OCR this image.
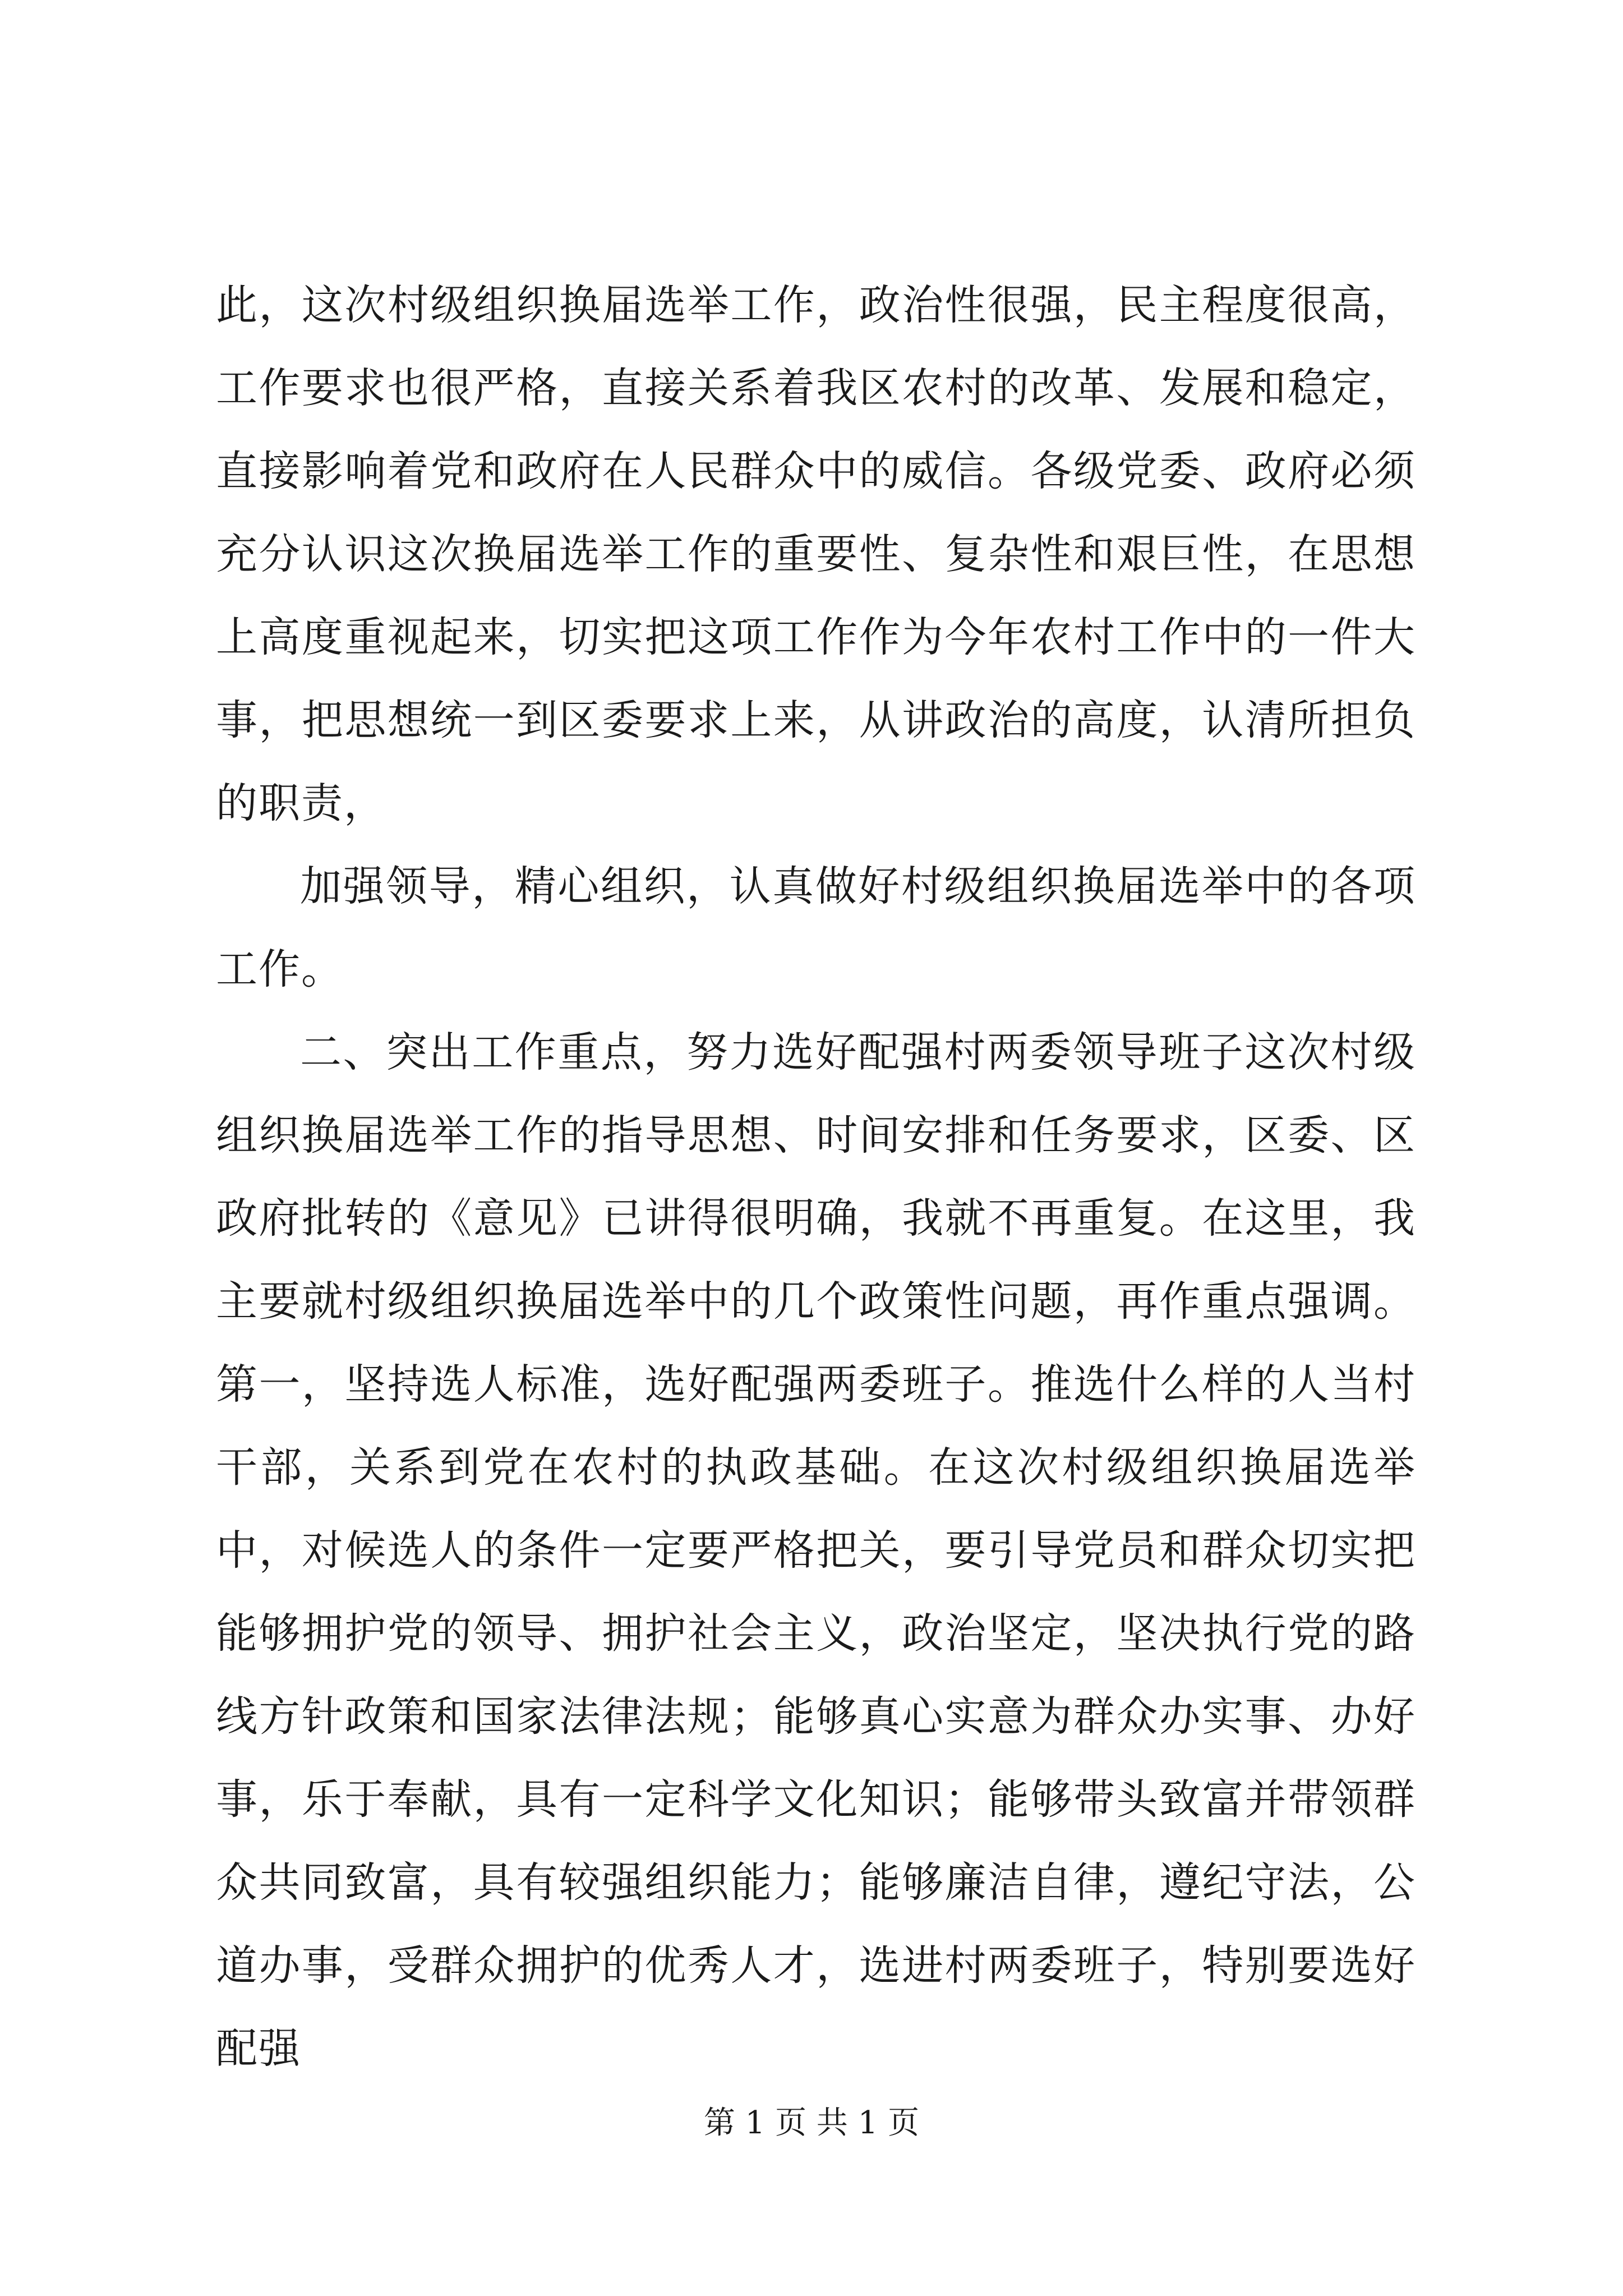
此，这次村级组织换届选举工作，政治性很强，民主程度很高，工作要求也很严格，直接关系着我区农村的改革、发展和稳定，直接影响着党和政府在人民群众中的威信。各级党委、政府必须充分认识这次换届选举工作的重要性、复杂性和艰巨性，在思想上高度重视起来，切实把这项工作作为今年农村工作中的一件大事，把思想统一到区委要求上来，从讲政治的高度，认清所担负的职责，

加强领导，精心组织，认真做好村级组织换届选举中的各项工作。

二、突出工作重点，努力选好配强村两委领导班子这次村级组织换届选举工作的指导思想、时间安排和任务要求，区委、区政府批转的《意见》已讲得很明确，我就不再重复。在这里，我主要就村级组织换届选举中的几个政策性问题，再作重点强调。第一，坚持选人标准，选好配强两委班子。推选什么样的人当村干部，关系到党在农村的执政基础。在这次村级组织换届选举中，对候选人的条件一定要严格把关，要引导党员和群众切实把能够拥护党的领导、拥护社会主义，政治坚定，坚决执行党的路线方针政策和国家法律法规；能够真心实意为群众办实事、办好事，乐于奉献，具有一定科学文化知识；能够带头致富并带领群众共同致富，具有较强组织能力；能够廉洁自律，遵纪守法，公道办事，受群众拥护的优秀人才，选进村两委班子，特别要选好配强

第 1 页 共 1 页
